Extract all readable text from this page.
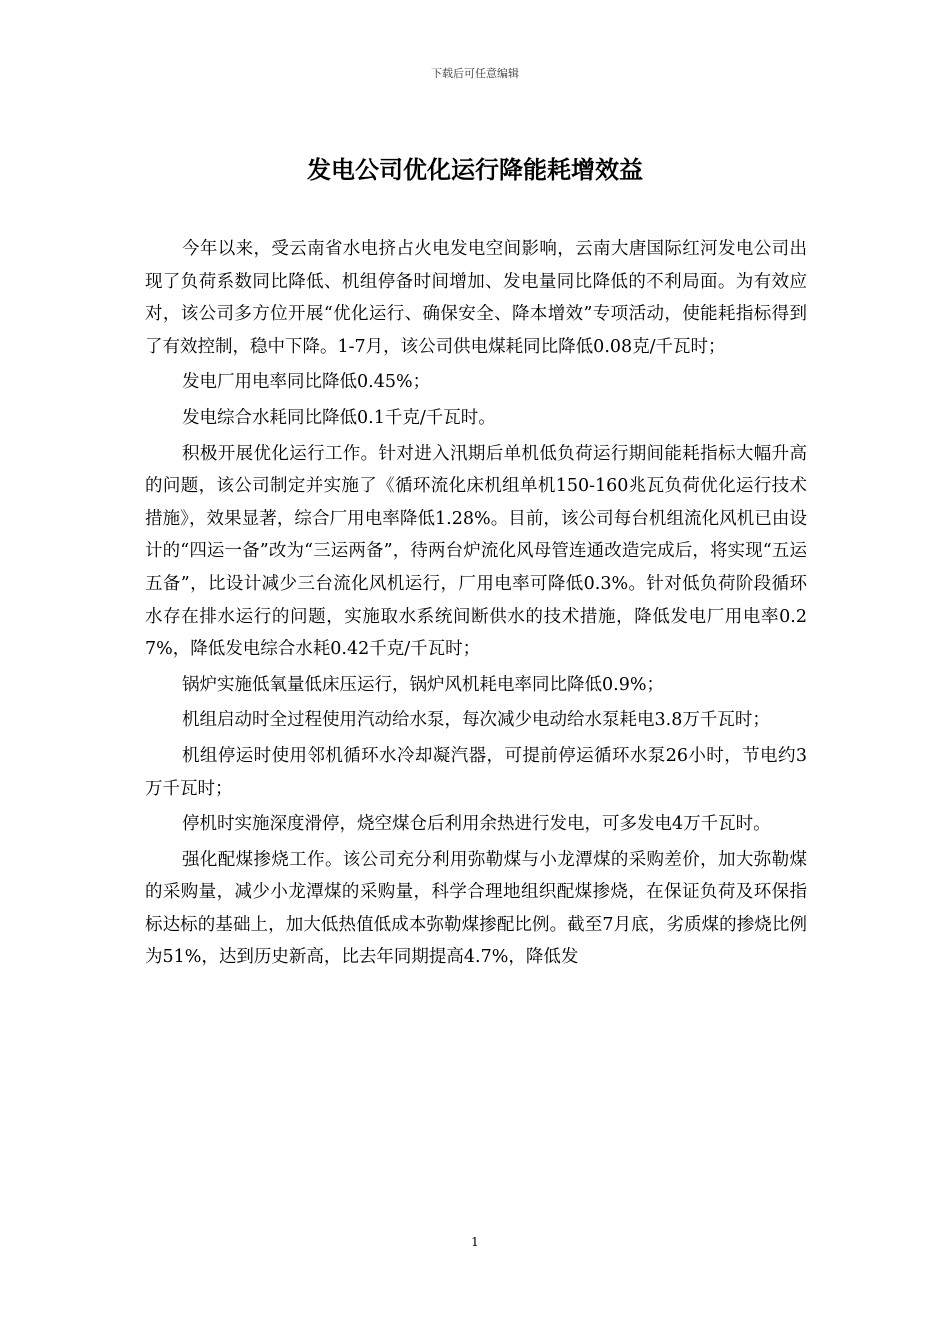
下载后可任意编辑
发电公司优化运行降能耗增效益

今年以来，受云南省水电挤占火电发电空间影响，云南大唐国际红河发电公司出现了负荷系数同比降低、机组停备时间增加、发电量同比降低的不利局面。为有效应对，该公司多方位开展“优化运行、确保安全、降本增效”专项活动，使能耗指标得到了有效控制，稳中下降。1-7月，该公司供电煤耗同比降低0.08克/千瓦时；

发电厂用电率同比降低0.45%；

发电综合水耗同比降低0.1千克/千瓦时。

积极开展优化运行工作。针对进入汛期后单机低负荷运行期间能耗指标大幅升高的问题，该公司制定并实施了《循环流化床机组单机150-160兆瓦负荷优化运行技术措施》，效果显著，综合厂用电率降低1.28%。目前，该公司每台机组流化风机已由设计的“四运一备”改为“三运两备”，待两台炉流化风母管连通改造完成后，将实现“五运五备”，比设计减少三台流化风机运行，厂用电率可降低0.3%。针对低负荷阶段循环水存在排水运行的问题，实施取水系统间断供水的技术措施，降低发电厂用电率0.27%，降低发电综合水耗0.42千克/千瓦时；

锅炉实施低氧量低床压运行，锅炉风机耗电率同比降低0.9%；

机组启动时全过程使用汽动给水泵，每次减少电动给水泵耗电3.8万千瓦时；

机组停运时使用邻机循环水冷却凝汽器，可提前停运循环水泵26小时，节电约3万千瓦时；

停机时实施深度滑停，烧空煤仓后利用余热进行发电，可多发电4万千瓦时。

强化配煤掺烧工作。该公司充分利用弥勒煤与小龙潭煤的采购差价，加大弥勒煤的采购量，减少小龙潭煤的采购量，科学合理地组织配煤掺烧，在保证负荷及环保指标达标的基础上，加大低热值低成本弥勒煤掺配比例。截至7月底，劣质煤的掺烧比例为51%，达到历史新高，比去年同期提高4.7%，降低发

1
